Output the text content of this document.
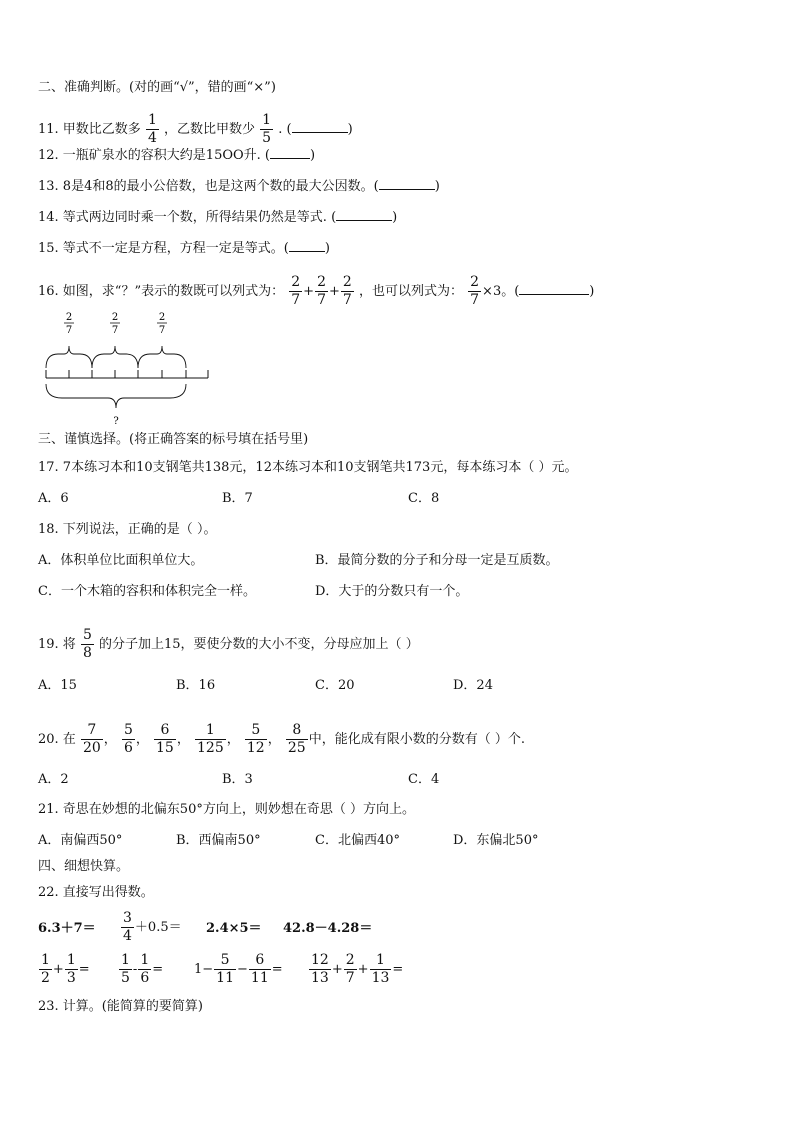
二、准确判断。(对的画“√”，错的画“×”)
11. 甲数比乙数多 $\frac{1}{4}$ ，乙数比甲数少 $\frac{1}{5}$ . (	)
12. 一瓶矿泉水的容积大约是15OO升. (	)
13. 8是4和8的最小公倍数，也是这两个数的最大公因数。(	)
14. 等式两边同时乘一个数，所得结果仍然是等式. (	)
15. 等式不一定是方程，方程一定是等式。(	)
16. 如图，求“？”表示的数既可以列式为： $\frac{2}{7} + \frac{2}{7} + \frac{2}{7}$ ，也可以列式为： $\frac{2}{7} \times 3$。(	)
2
7
2
7
2
7
?
三、谨慎选择。(将正确答案的标号填在括号里)
17. 7本练习本和10支钢笔共138元，12本练习本和10支钢笔共173元，每本练习本（ ）元。
A．6	B．7	C．8
18. 下列说法，正确的是（ ）。
A．体积单位比面积单位大。	B．最简分数的分子和分母一定是互质数。
C．一个木箱的容积和体积完全一样。	D．大于的分数只有一个。
19. 将 $\frac{5}{8}$ 的分子加上15，要使分数的大小不变，分母应加上（ ）
A．15	B．16	C．20	D．24
20. 在 $\frac{7}{20}$ ， $\frac{5}{6}$ ， $\frac{6}{15}$ ， $\frac{1}{125}$ ， $\frac{5}{12}$ ， $\frac{8}{25}$ 中，能化成有限小数的分数有（ ）个.
A．2	B．3	C．4
21. 奇思在妙想的北偏东50°方向上，则妙想在奇思（ ）方向上。
A．南偏西50°	B．西偏南50°	C．北偏西40°	D．东偏北50°
四、细想快算。
22. 直接写出得数。
$6.3+7= \frac{3}{4} +0.5= 2.4\times 5= 42.8-4.28=$
$\frac{1}{2} + \frac{1}{3} = \frac{1}{5} - \frac{1}{6} = 1- \frac{5}{11} - \frac{6}{11} = \frac{12}{13} + \frac{2}{7} + \frac{1}{13}$ =
23. 计算。(能简算的要简算)
